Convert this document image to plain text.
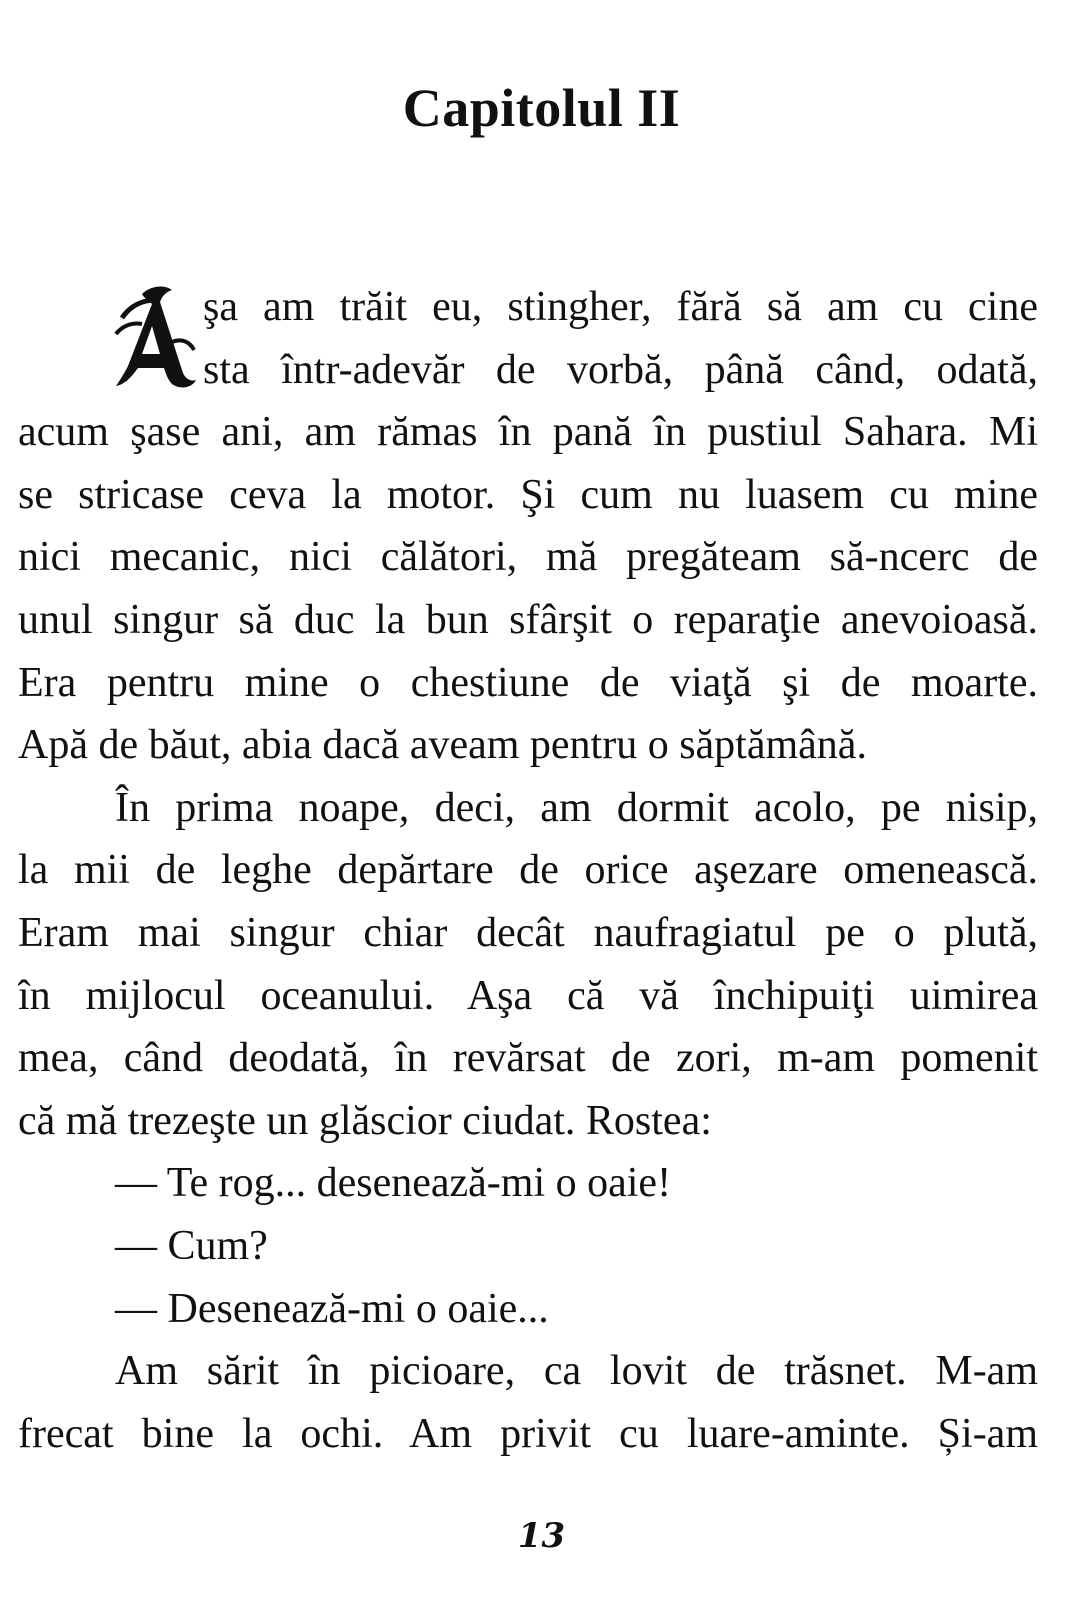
Capitolul II
şa am trăit eu, stingher, fără să am cu cine
sta într-adevăr de vorbă, până când, odată,
acum şase ani, am rămas în pană în pustiul Sahara. Mi
se stricase ceva la motor. Şi cum nu luasem cu mine
nici mecanic, nici călători, mă pregăteam să-ncerc de
unul singur să duc la bun sfârşit o reparaţie anevoioasă.
Era pentru mine o chestiune de viaţă şi de moarte.
Apă de băut, abia dacă aveam pentru o săptămână.
În prima noape, deci, am dormit acolo, pe nisip,
la mii de leghe depărtare de orice aşezare omenească.
Eram mai singur chiar decât naufragiatul pe o plută,
în mijlocul oceanului. Aşa că vă închipuiţi uimirea
mea, când deodată, în revărsat de zori, m-am pomenit
că mă trezeşte un glăscior ciudat. Rostea:
— Te rog... desenează-mi o oaie!
— Cum?
— Desenează-mi o oaie...
Am sărit în picioare, ca lovit de trăsnet. M-am
frecat bine la ochi. Am privit cu luare-aminte. Și-am
13
